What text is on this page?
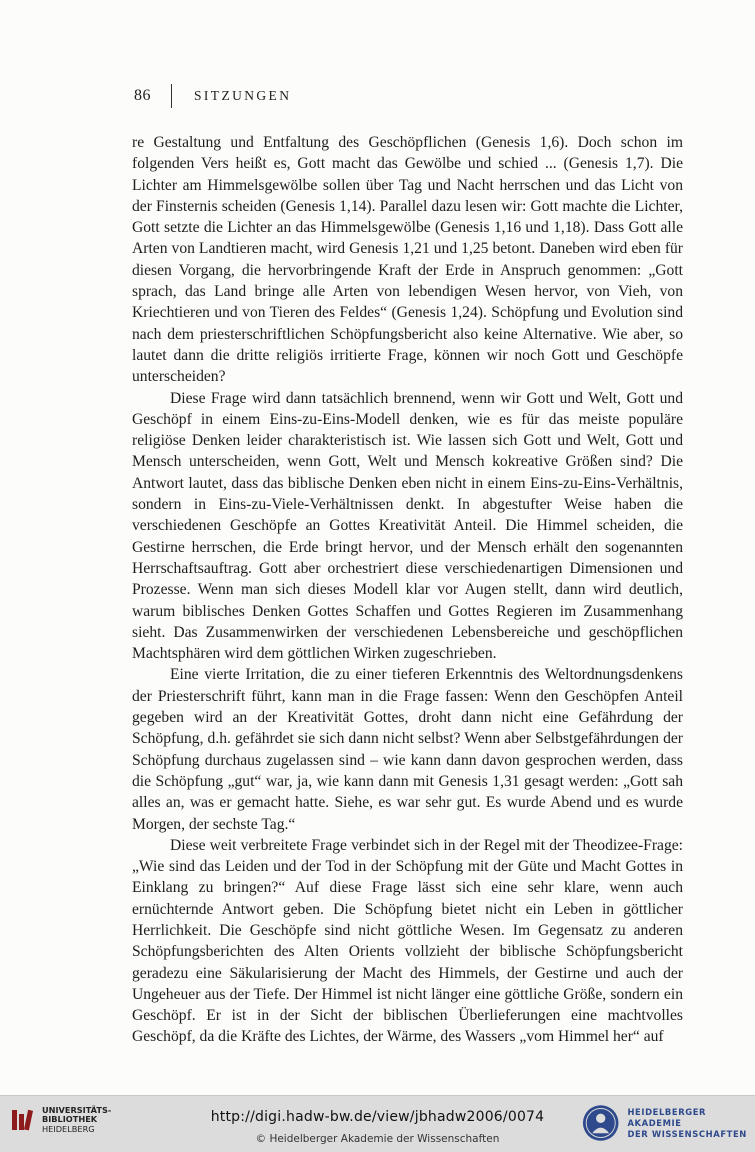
86	SITZUNGEN

re Gestaltung und Entfaltung des Geschöpflichen (Genesis 1,6). Doch schon im folgenden Vers heißt es, Gott macht das Gewölbe und schied ... (Genesis 1,7). Die Lichter am Himmelsgewölbe sollen über Tag und Nacht herrschen und das Licht von der Finsternis scheiden (Genesis 1,14). Parallel dazu lesen wir: Gott machte die Lichter, Gott setzte die Lichter an das Himmelsgewölbe (Genesis 1,16 und 1,18). Dass Gott alle Arten von Landtieren macht, wird Genesis 1,21 und 1,25 betont. Daneben wird eben für diesen Vorgang, die hervorbringende Kraft der Erde in Anspruch genommen: „Gott sprach, das Land bringe alle Arten von lebendigen Wesen hervor, von Vieh, von Kriechtieren und von Tieren des Feldes“ (Genesis 1,24). Schöpfung und Evolution sind nach dem priesterschriftlichen Schöpfungsbericht also keine Alternative. Wie aber, so lautet dann die dritte religiös irritierte Frage, können wir noch Gott und Geschöpfe unterscheiden?

Diese Frage wird dann tatsächlich brennend, wenn wir Gott und Welt, Gott und Geschöpf in einem Eins-zu-Eins-Modell denken, wie es für das meiste populäre religiöse Denken leider charakteristisch ist. Wie lassen sich Gott und Welt, Gott und Mensch unterscheiden, wenn Gott, Welt und Mensch kokreative Größen sind? Die Antwort lautet, dass das biblische Denken eben nicht in einem Eins-zu-Eins-Verhältnis, sondern in Eins-zu-Viele-Verhältnissen denkt. In abgestufter Weise haben die verschiedenen Geschöpfe an Gottes Kreativität Anteil. Die Himmel scheiden, die Gestirne herrschen, die Erde bringt hervor, und der Mensch erhält den sogenannten Herrschaftsauftrag. Gott aber orchestriert diese verschiedenartigen Dimensionen und Prozesse. Wenn man sich dieses Modell klar vor Augen stellt, dann wird deutlich, warum biblisches Denken Gottes Schaffen und Gottes Regieren im Zusammenhang sieht. Das Zusammenwirken der verschiedenen Lebensbereiche und geschöpflichen Machtsphären wird dem göttlichen Wirken zugeschrieben.

Eine vierte Irritation, die zu einer tieferen Erkenntnis des Weltordnungsdenkens der Priesterschrift führt, kann man in die Frage fassen: Wenn den Geschöpfen Anteil gegeben wird an der Kreativität Gottes, droht dann nicht eine Gefährdung der Schöpfung, d.h. gefährdet sie sich dann nicht selbst? Wenn aber Selbstgefährdungen der Schöpfung durchaus zugelassen sind – wie kann dann davon gesprochen werden, dass die Schöpfung „gut“ war, ja, wie kann dann mit Genesis 1,31 gesagt werden: „Gott sah alles an, was er gemacht hatte. Siehe, es war sehr gut. Es wurde Abend und es wurde Morgen, der sechste Tag.“

Diese weit verbreitete Frage verbindet sich in der Regel mit der Theodizee-Frage: „Wie sind das Leiden und der Tod in der Schöpfung mit der Güte und Macht Gottes in Einklang zu bringen?“ Auf diese Frage lässt sich eine sehr klare, wenn auch ernüchternde Antwort geben. Die Schöpfung bietet nicht ein Leben in göttlicher Herrlichkeit. Die Geschöpfe sind nicht göttliche Wesen. Im Gegensatz zu anderen Schöpfungsberichten des Alten Orients vollzieht der biblische Schöpfungsbericht geradezu eine Säkularisierung der Macht des Himmels, der Gestirne und auch der Ungeheuer aus der Tiefe. Der Himmel ist nicht länger eine göttliche Größe, sondern ein Geschöpf. Er ist in der Sicht der biblischen Überlieferungen eine machtvolles Geschöpf, da die Kräfte des Lichtes, der Wärme, des Wassers „vom Himmel her“ auf

UNIVERSITÄTS-
BIBLIOTHEK
HEIDELBERG
http://digi.hadw-bw.de/view/jbhadw2006/0074
© Heidelberger Akademie der Wissenschaften
HEIDELBERGER AKADEMIE
DER WISSENSCHAFTEN
